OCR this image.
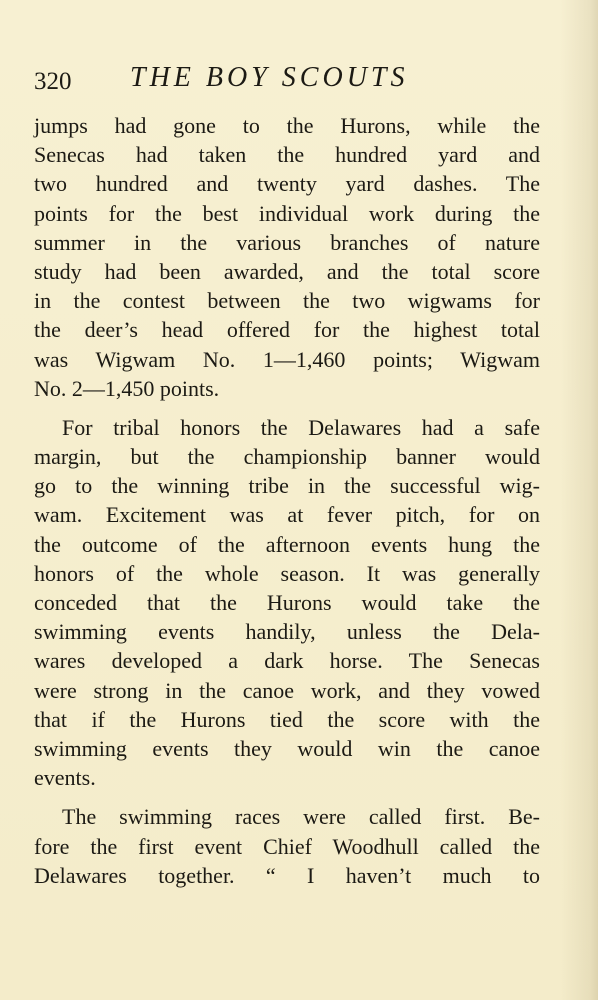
320 THE BOY SCOUTS
jumps had gone to the Hurons, while the
Senecas had taken the hundred yard and
two hundred and twenty yard dashes. The
points for the best individual work during the
summer in the various branches of nature
study had been awarded, and the total score
in the contest between the two wigwams for
the deer’s head offered for the highest total
was Wigwam No. 1—1,460 points; Wigwam
No. 2—1,450 points.
For tribal honors the Delawares had a safe
margin, but the championship banner would
go to the winning tribe in the successful wig-
wam. Excitement was at fever pitch, for on
the outcome of the afternoon events hung the
honors of the whole season. It was generally
conceded that the Hurons would take the
swimming events handily, unless the Dela-
wares developed a dark horse. The Senecas
were strong in the canoe work, and they vowed
that if the Hurons tied the score with the
swimming events they would win the canoe
events.
The swimming races were called first. Be-
fore the first event Chief Woodhull called the
Delawares together. “ I haven’t much to
